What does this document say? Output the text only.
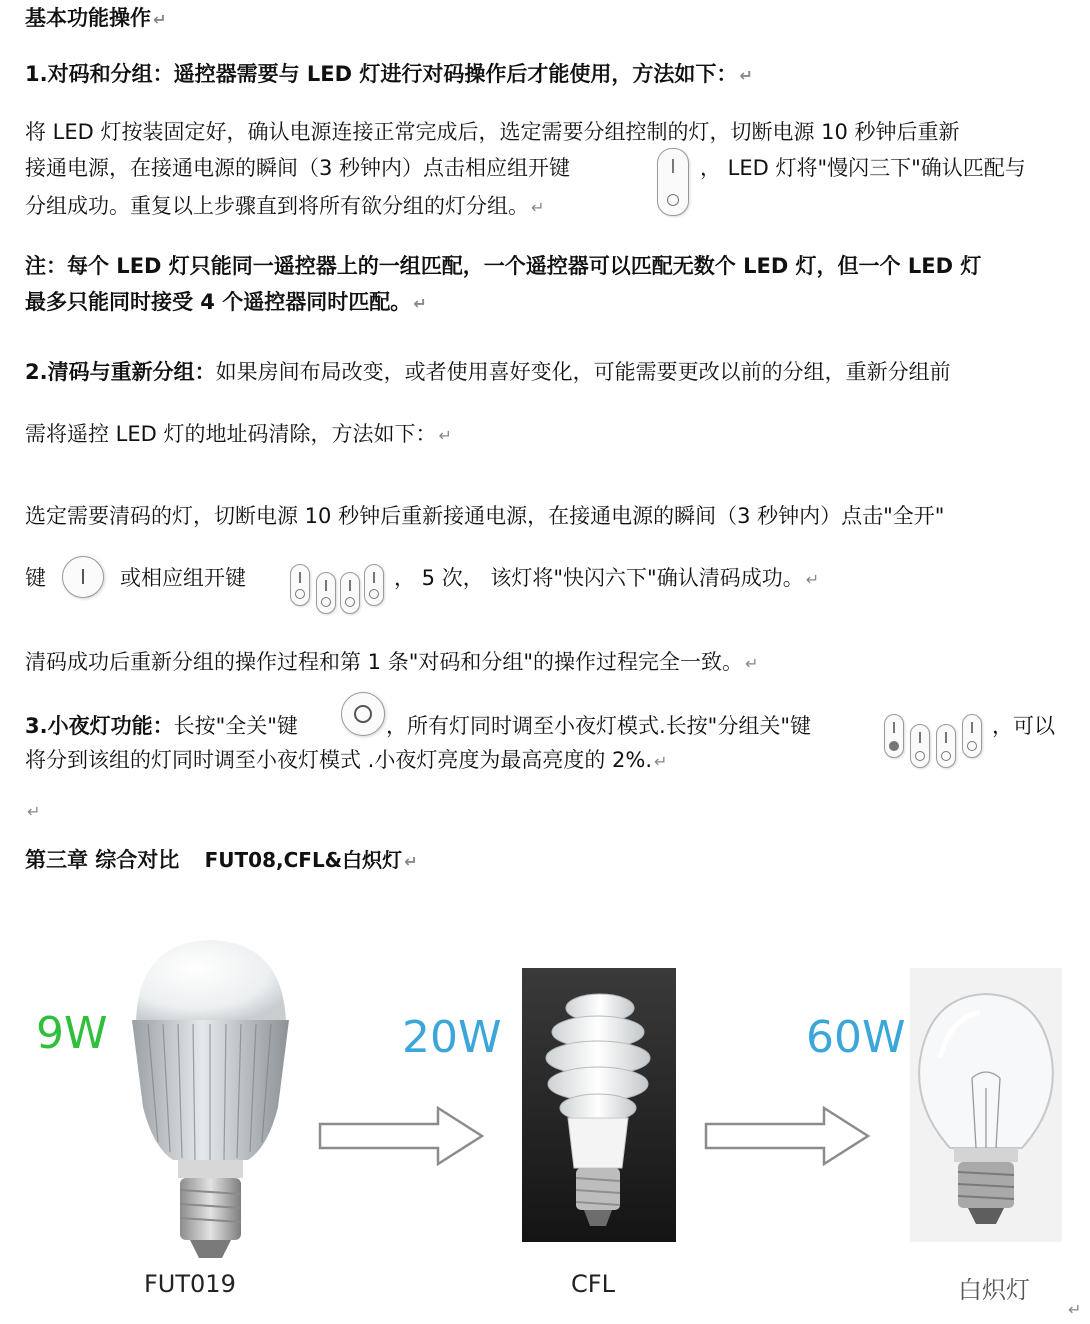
基本功能操作 ↵
1.对码和分组：遥控器需要与 LED 灯进行对码操作后才能使用，方法如下： ↵
将 LED 灯按装固定好，确认电源连接正常完成后，选定需要分组控制的灯，切断电源 10 秒钟后重新
接通电源，在接通电源的瞬间（3 秒钟内）点击相应组开键	， LED 灯将"慢闪三下"确认匹配与
分组成功。重复以上步骤直到将所有欲分组的灯分组。 ↵
注：每个 LED 灯只能同一遥控器上的一组匹配，一个遥控器可以匹配无数个 LED 灯，但一个 LED 灯
最多只能同时接受 4 个遥控器同时匹配。 ↵
2.清码与重新分组：如果房间布局改变，或者使用喜好变化，可能需要更改以前的分组，重新分组前
需将遥控 LED 灯的地址码清除，方法如下： ↵
选定需要清码的灯，切断电源 10 秒钟后重新接通电源，在接通电源的瞬间（3 秒钟内）点击"全开"
键	或相应组开键	， 5 次， 该灯将"快闪六下"确认清码成功。 ↵
清码成功后重新分组的操作过程和第 1 条"对码和分组"的操作过程完全一致。 ↵
3.小夜灯功能：长按"全关"键	，所有灯同时调至小夜灯模式.长按"分组关"键	，可以
将分到该组的灯同时调至小夜灯模式 .小夜灯亮度为最高亮度的 2%. ↵
↵
第三章 综合对比 FUT08,CFL&白炽灯 ↵
9W	20W	60W
FUT019	CFL	白炽灯
↵
